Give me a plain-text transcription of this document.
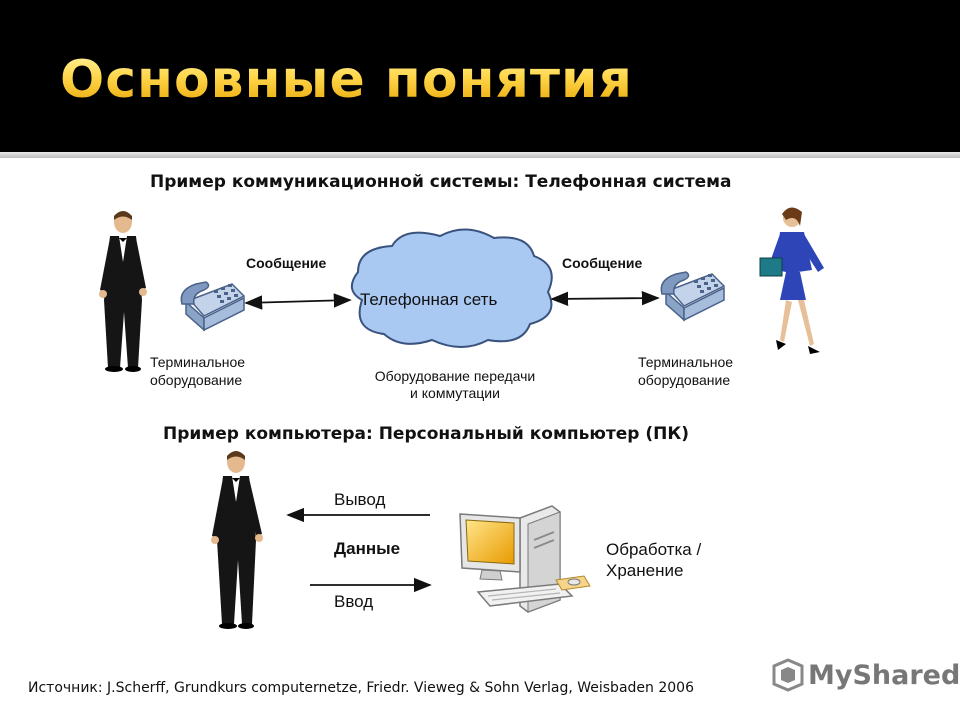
Основные понятия
Пример коммуникационной системы: Телефонная система
Сообщение	Сообщение
Телефонная сеть
Терминальное
оборудование
Терминальное
оборудование
Оборудование передачи
и коммутации
Пример компьютера: Персональный компьютер (ПК)
Вывод
Данные
Ввод
Обработка /
Хранение
Источник: J.Scherff, Grundkurs computernetze, Friedr. Vieweg & Sohn Verlag, Weisbaden 2006	MyShared
